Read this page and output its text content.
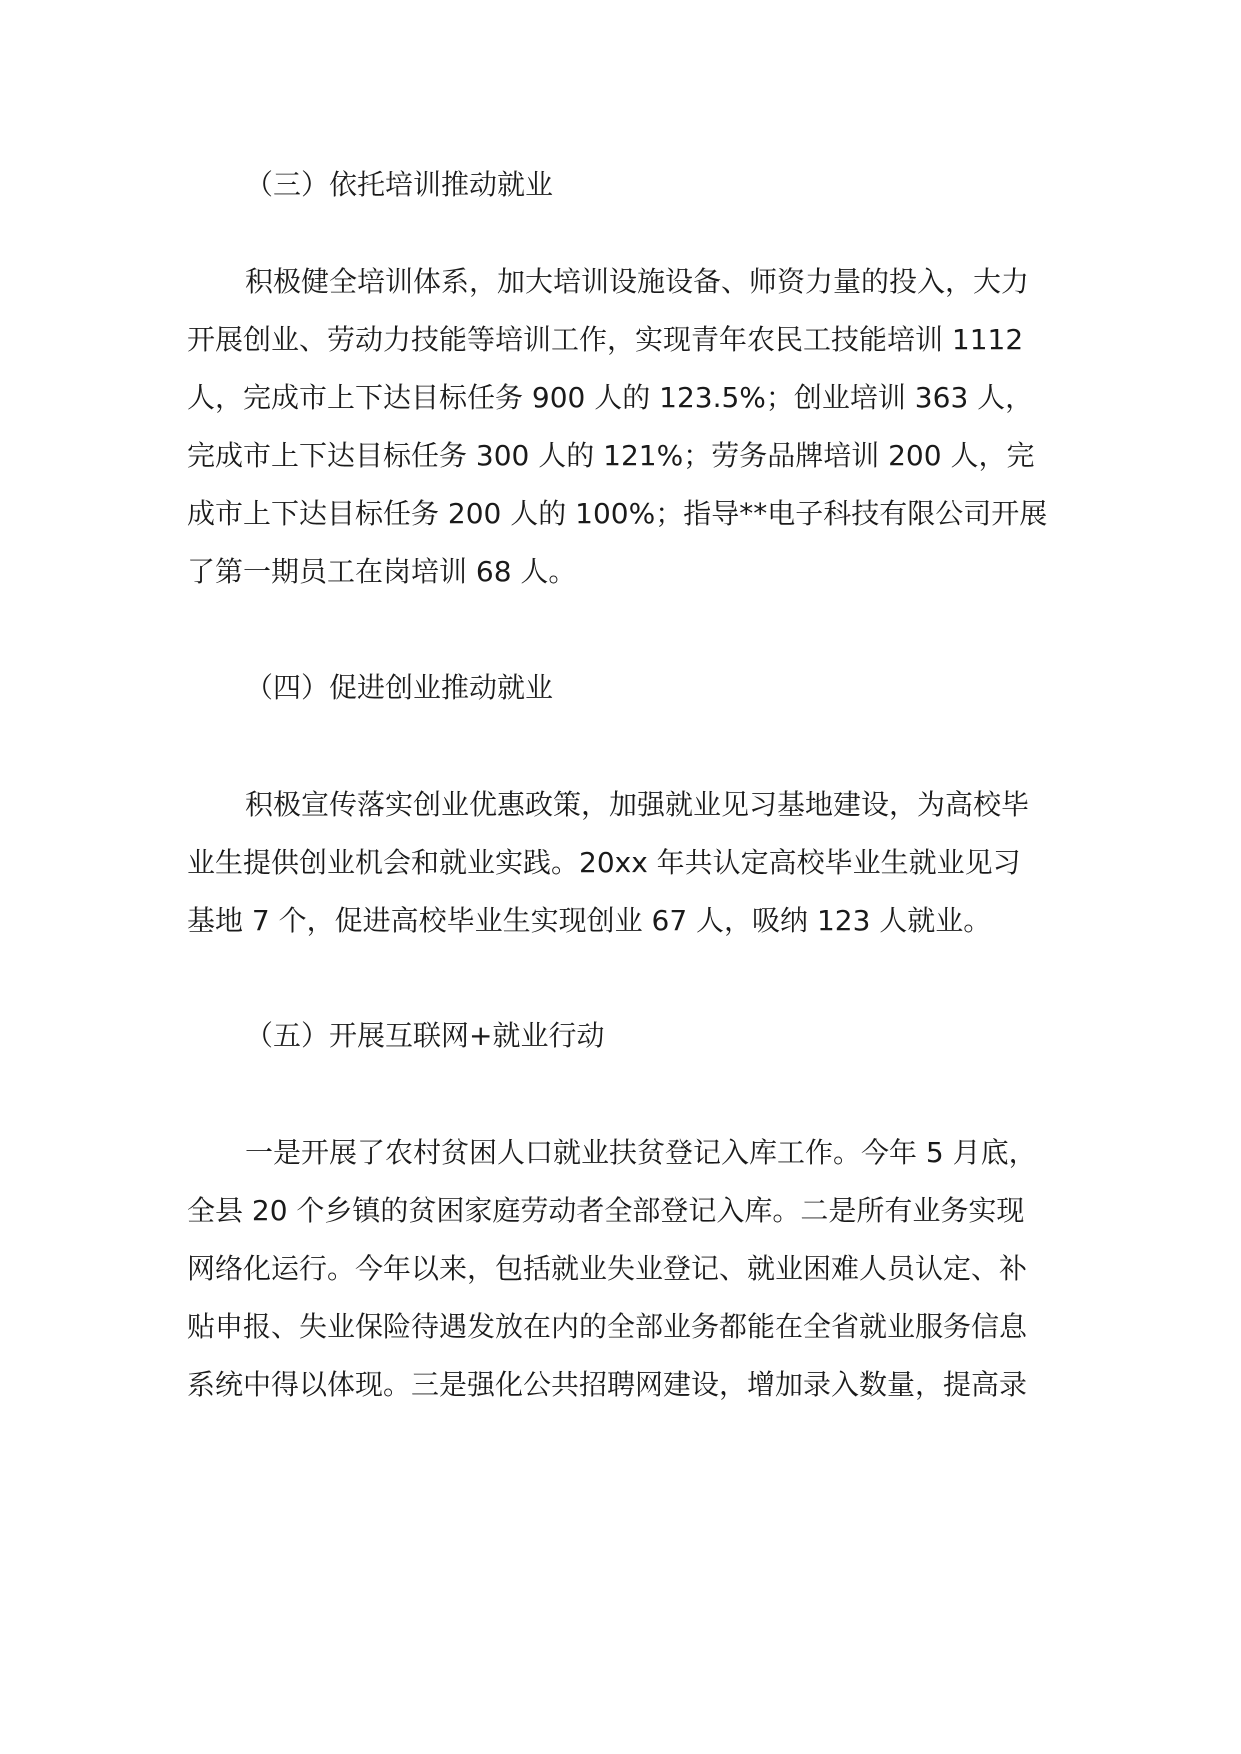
（三）依托培训推动就业

积极健全培训体系，加大培训设施设备、师资力量的投入，大力

开展创业、劳动力技能等培训工作，实现青年农民工技能培训 1112

人，完成市上下达目标任务 900 人的 123.5%；创业培训 363 人，

完成市上下达目标任务 300 人的 121%；劳务品牌培训 200 人，完

成市上下达目标任务 200 人的 100%；指导**电子科技有限公司开展

了第一期员工在岗培训 68 人。

（四）促进创业推动就业

积极宣传落实创业优惠政策，加强就业见习基地建设，为高校毕

业生提供创业机会和就业实践。20xx 年共认定高校毕业生就业见习

基地 7 个，促进高校毕业生实现创业 67 人，吸纳 123 人就业。

（五）开展互联网+就业行动

一是开展了农村贫困人口就业扶贫登记入库工作。今年 5 月底，

全县 20 个乡镇的贫困家庭劳动者全部登记入库。二是所有业务实现

网络化运行。今年以来，包括就业失业登记、就业困难人员认定、补

贴申报、失业保险待遇发放在内的全部业务都能在全省就业服务信息

系统中得以体现。三是强化公共招聘网建设，增加录入数量，提高录
